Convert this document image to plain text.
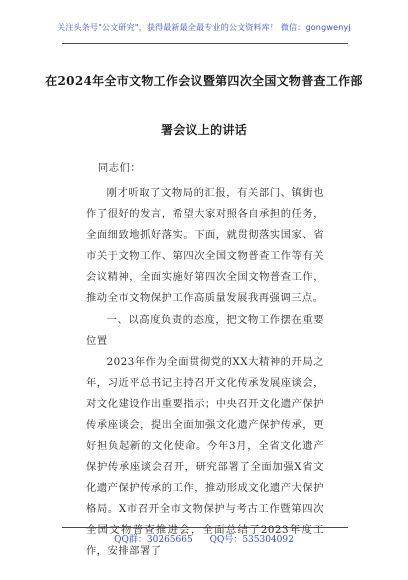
关注头条号"公文研究"，获得最新最全最专业的公文资料库！ 微信：gongwenyj
在2024年全市文物工作会议暨第四次全国文物普查工作部
署会议上的讲话

同志们：

刚才听取了文物局的汇报，有关部门、镇街也作了很好的发言，希望大家对照各自承担的任务，全面细致地抓好落实。下面，就贯彻落实国家、省市关于文物工作、第四次全国文物普查工作等有关会议精神，全面实施好第四次全国文物普查工作，推动全市文物保护工作高质量发展我再强调三点。

一、以高度负责的态度，把文物工作摆在重要位置

2023年作为全面贯彻党的XX大精神的开局之年，习近平总书记主持召开文化传承发展座谈会，对文化建设作出重要指示；中央召开文化遗产保护传承座谈会，提出全面加强文化遗产保护传承，更好担负起新的文化使命。今年3月，全省文化遗产保护传承座谈会召开，研究部署了全面加强X省文化遗产保护传承的工作，推动形成文化遗产大保护格局。X市召开全市文物保护与考古工作暨第四次全国文物普查推进会，全面总结了2023年度工作，安排部署了

QQ群：30265665 QQ号：535304092
